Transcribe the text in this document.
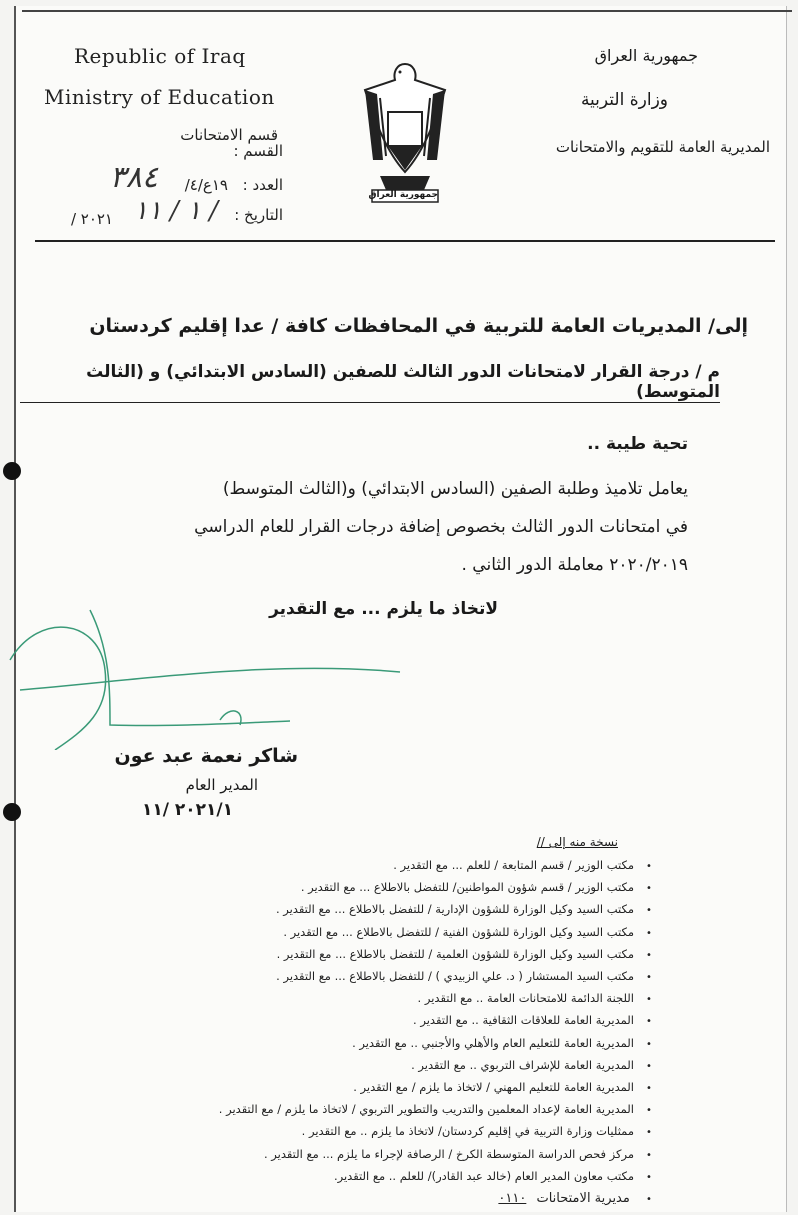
Republic of Iraq
Ministry of Education
جمهورية العراق
وزارة التربية
المديرية العامة للتقويم والامتحانات
قسم الامتحانات
القسم :
العدد :
١٩ع/٤/
٣٨٤
التاريخ :
/ ١ / ١١
٢٠٢١ /
جمهورية العراق
إلى/ المديريات العامة للتربية في المحافظات كافة / عدا إقليم كردستان
م / درجة القرار لامتحانات الدور الثالث للصفين (السادس الابتدائي) و (الثالث المتوسط)
تحية طيبة ..
يعامل تلاميذ وطلبة الصفين (السادس الابتدائي) و(الثالث المتوسط)
في امتحانات الدور الثالث بخصوص إضافة درجات القرار للعام الدراسي
٢٠٢٠/٢٠١٩ معاملة الدور الثاني .
لاتخاذ ما يلزم ... مع التقدير
شاكر نعمة عبد عون
المدير العام
٢٠٢١/١ /١١
نسخة منه إلى //
• مكتب الوزير / قسم المتابعة / للعلم ... مع التقدير .
• مكتب الوزير / قسم شؤون المواطنين/ للتفضل بالاطلاع ... مع التقدير .
• مكتب السيد وكيل الوزارة للشؤون الإدارية / للتفضل بالاطلاع ... مع التقدير .
• مكتب السيد وكيل الوزارة للشؤون الفنية / للتفضل بالاطلاع ... مع التقدير .
• مكتب السيد وكيل الوزارة للشؤون العلمية / للتفضل بالاطلاع ... مع التقدير .
• مكتب السيد المستشار ( د. علي الزبيدي ) / للتفضل بالاطلاع ... مع التقدير .
• اللجنة الدائمة للامتحانات العامة .. مع التقدير .
• المديرية العامة للعلاقات الثقافية .. مع التقدير .
• المديرية العامة للتعليم العام والأهلي والأجنبي .. مع التقدير .
• المديرية العامة للإشراف التربوي .. مع التقدير .
• المديرية العامة للتعليم المهني / لاتخاذ ما يلزم / مع التقدير .
• المديرية العامة لإعداد المعلمين والتدريب والتطوير التربوي / لاتخاذ ما يلزم / مع التقدير .
• ممثليات وزارة التربية في إقليم كردستان/ لاتخاذ ما يلزم .. مع التقدير .
• مركز فحص الدراسة المتوسطة الكرخ / الرصافة لإجراء ما يلزم ... مع التقدير .
• مكتب معاون المدير العام (خالد عبد القادر)/ للعلم .. مع التقدير.
• مديرية الامتحانات ٠١١٠
